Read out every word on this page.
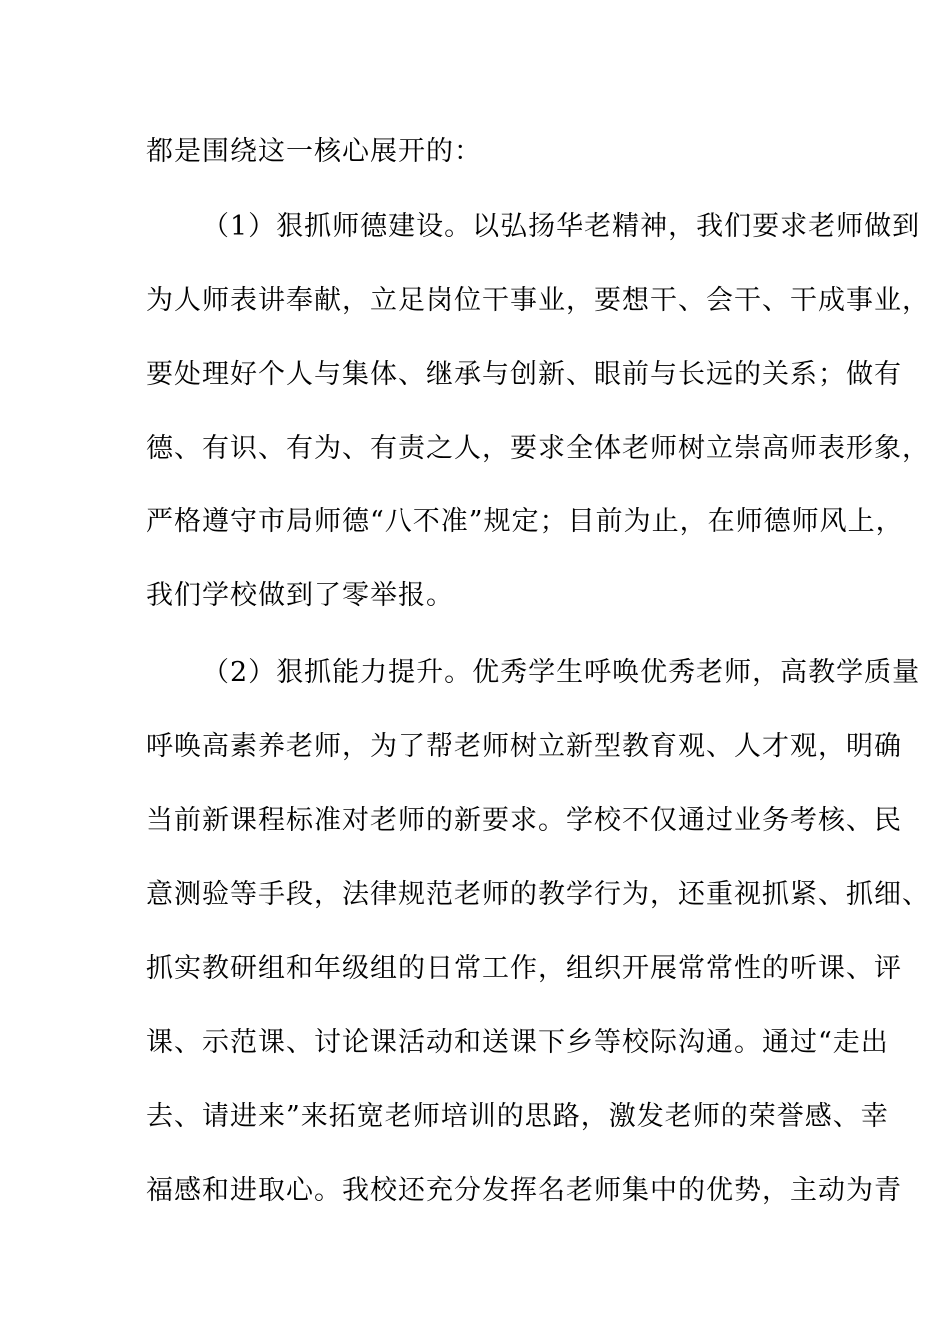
都是围绕这一核心展开的：
（1）狠抓师德建设。以弘扬华老精神，我们要求老师做到
为人师表讲奉献，立足岗位干事业，要想干、会干、干成事业，
要处理好个人与集体、继承与创新、眼前与长远的关系；做有
德、有识、有为、有责之人，要求全体老师树立崇高师表形象，
严格遵守市局师德“八不准”规定；目前为止，在师德师风上，
我们学校做到了零举报。
（2）狠抓能力提升。优秀学生呼唤优秀老师，高教学质量
呼唤高素养老师，为了帮老师树立新型教育观、人才观，明确
当前新课程标准对老师的新要求。学校不仅通过业务考核、民
意测验等手段，法律规范老师的教学行为，还重视抓紧、抓细、
抓实教研组和年级组的日常工作，组织开展常常性的听课、评
课、示范课、讨论课活动和送课下乡等校际沟通。通过“走出
去、请进来”来拓宽老师培训的思路，激发老师的荣誉感、幸
福感和进取心。我校还充分发挥名老师集中的优势，主动为青
